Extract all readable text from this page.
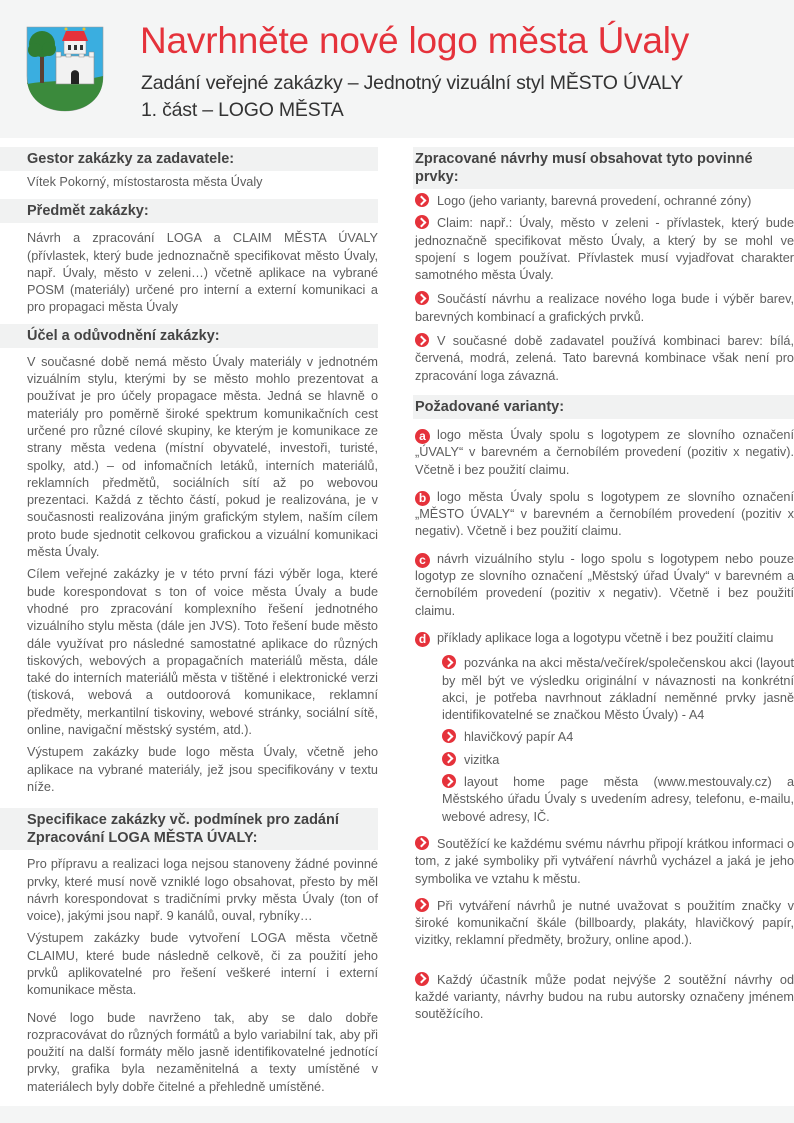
Navrhněte nové logo města Úvaly
Zadání veřejné zakázky – Jednotný vizuální styl MĚSTO ÚVALY
1. část – LOGO MĚSTA
Gestor zakázky za zadavatele:
Vítek Pokorný, místostarosta města Úvaly
Předmět zakázky:
Návrh a zpracování LOGA a CLAIM MĚSTA ÚVALY (přívlastek, který bude jednoznačně specifikovat město Úvaly, např. Úvaly, město v zeleni…) včetně aplikace na vybrané POSM (materiály) určené pro interní a externí komunikaci a pro propagaci města Úvaly
Účel a odůvodnění zakázky:
V současné době nemá město Úvaly materiály v jednotném vizuálním stylu, kterými by se město mohlo prezentovat a používat je pro účely propagace města. Jedná se hlavně o materiály pro poměrně široké spektrum komunikačních cest určené pro různé cílové skupiny, ke kterým je komunikace ze strany města vedena (místní obyvatelé, investoři, turisté, spolky, atd.) – od infomačních letáků, interních materiálů, reklamních předmětů, sociálních sítí až po webovou prezentaci. Každá z těchto částí, pokud je realizována, je v současnosti realizována jiným grafickým stylem, naším cílem proto bude sjednotit celkovou grafickou a vizuální komunikaci města Úvaly.
Cílem veřejné zakázky je v této první fázi výběr loga, které bude korespondovat s ton of voice města Úvaly a bude vhodné pro zpracování komplexního řešení jednotného vizuálního stylu města (dále jen JVS). Toto řešení bude město dále využívat pro následné samostatné aplikace do různých tiskových, webových a propagačních materiálů města, dále také do interních materiálů města v tištěné i elektronické verzi (tisková, webová a outdoorová komunikace, reklamní předměty, merkantilní tiskoviny, webové stránky, sociální sítě, online, navigační městský systém, atd.).
Výstupem zakázky bude logo města Úvaly, včetně jeho aplikace na vybrané materiály, jež jsou specifikovány v textu níže.
Specifikace zakázky vč. podmínek pro zadání
Zpracování LOGA MĚSTA ÚVALY:
Pro přípravu a realizaci loga nejsou stanoveny žádné povinné prvky, které musí nově vzniklé logo obsahovat, přesto by měl návrh korespondovat s tradičními prvky města Úvaly (ton of voice), jakými jsou např. 9 kanálů, ouval, rybníky…
Výstupem zakázky bude vytvoření LOGA města včetně CLAIMU, které bude následně celkově, či za použití jeho prvků aplikovatelné pro řešení veškeré interní i externí komunikace města.
Nové logo bude navrženo tak, aby se dalo dobře rozpracovávat do různých formátů a bylo variabilní tak, aby při použití na další formáty mělo jasně identifikovatelné jednotící prvky, grafika byla nezaměnitelná a texty umístěné v materiálech byly dobře čitelné a přehledně umístěné.
Zpracované návrhy musí obsahovat tyto povinné prvky:
Logo (jeho varianty, barevná provedení, ochranné zóny)
Claim: např.: Úvaly, město v zeleni - přívlastek, který bude jednoznačně specifikovat město Úvaly, a který by se mohl ve spojení s logem používat. Přívlastek musí vyjadřovat charakter samotného města Úvaly.
Součástí návrhu a realizace nového loga bude i výběr barev, barevných kombinací a grafických prvků.
V současné době zadavatel používá kombinaci barev: bílá, červená, modrá, zelená. Tato barevná kombinace však není pro zpracování loga závazná.
Požadované varianty:
a logo města Úvaly spolu s logotypem ze slovního označení „ÚVALY“ v barevném a černobílém provedení (pozitiv x negativ). Včetně i bez použití claimu.
b logo města Úvaly spolu s logotypem ze slovního označení „MĚSTO ÚVALY“ v barevném a černobílém provedení (pozitiv x negativ). Včetně i bez použití claimu.
c návrh vizuálního stylu - logo spolu s logotypem nebo pouze logotyp ze slovního označení „Městský úřad Úvaly“ v barevném a černobílém provedení (pozitiv x negativ). Včetně i bez použití claimu.
d příklady aplikace loga a logotypu včetně i bez použití claimu
pozvánka na akci města/večírek/společenskou akci (layout by měl být ve výsledku originální v návaznosti na konkrétní akci, je potřeba navrhnout základní neměnné prvky jasně identifikovatelné se značkou Město Úvaly) - A4
hlavičkový papír A4
vizitka
layout home page města (www.mestouvaly.cz) a Městského úřadu Úvaly s uvedením adresy, telefonu, e-mailu, webové adresy, IČ.
Soutěžící ke každému svému návrhu připojí krátkou informaci o tom, z jaké symboliky při vytváření návrhů vycházel a jaká je jeho symbolika ve vztahu k městu.
Při vytváření návrhů je nutné uvažovat s použitím značky v široké komunikační škále (billboardy, plakáty, hlavičkový papír, vizitky, reklamní předměty, brožury, online apod.).
Každý účastník může podat nejvýše 2 soutěžní návrhy od každé varianty, návrhy budou na rubu autorsky označeny jménem soutěžícího.
